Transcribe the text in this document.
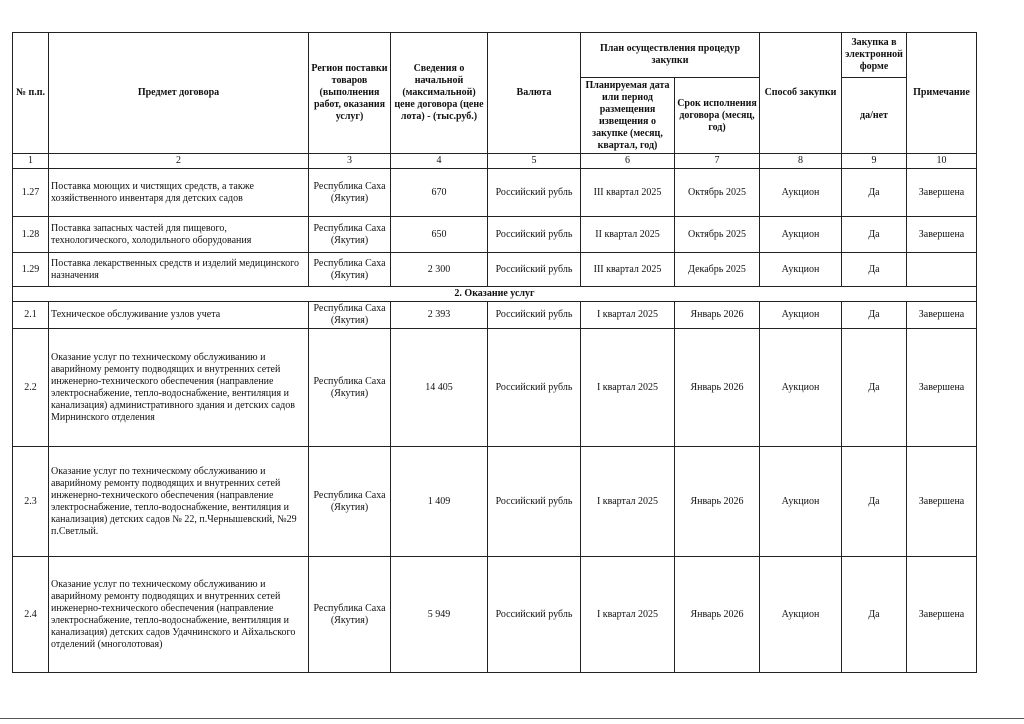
№ п.п.	Предмет договора	Регион поставки товаров (выполнения работ, оказания услуг)	Сведения о начальной (максимальной) цене договора (цене лота) - (тыс.руб.)	Валюта	План осуществления процедур закупки		Способ закупки	Закупка в электронной форме	Примечание
					Планируемая дата или период размещения извещения о закупке (месяц, квартал, год)	Срок исполнения договора (месяц, год)		да/нет	
1	2	3	4	5	6	7	8	9	10
1.27	Поставка моющих и чистящих средств, а также хозяйственного инвентаря для детских садов	Республика Саха (Якутия)	670	Российский рубль	III квартал 2025	Октябрь 2025	Аукцион	Да	Завершена
1.28	Поставка запасных частей для пищевого, технологического, холодильного оборудования	Республика Саха (Якутия)	650	Российский рубль	II квартал 2025	Октябрь 2025	Аукцион	Да	Завершена
1.29	Поставка лекарственных средств и изделий медицинского назначения	Республика Саха (Якутия)	2 300	Российский рубль	III квартал 2025	Декабрь 2025	Аукцион	Да	
2. Оказание услуг									
2.1	Техническое обслуживание узлов учета	Республика Саха (Якутия)	2 393	Российский рубль	I квартал 2025	Январь 2026	Аукцион	Да	Завершена
2.2	Оказание услуг по техническому обслуживанию и аварийному ремонту подводящих и внутренних сетей инженерно-технического обеспечения (направление электроснабжение, тепло-водоснабжение, вентиляция и канализация) административного здания и детских садов Мирнинского отделения	Республика Саха (Якутия)	14 405	Российский рубль	I квартал 2025	Январь 2026	Аукцион	Да	Завершена
2.3	Оказание услуг по техническому обслуживанию и аварийному ремонту подводящих и внутренних сетей инженерно-технического обеспечения (направление электроснабжение, тепло-водоснабжение, вентиляция и канализация) детских садов № 22, п.Чернышевский, №29 п.Светлый.	Республика Саха (Якутия)	1 409	Российский рубль	I квартал 2025	Январь 2026	Аукцион	Да	Завершена
2.4	Оказание услуг по техническому обслуживанию и аварийному ремонту подводящих и внутренних сетей инженерно-технического обеспечения (направление электроснабжение, тепло-водоснабжение, вентиляция и канализация) детских садов Удачнинского и Айхальского отделений (многолотовая)	Республика Саха (Якутия)	5 949	Российский рубль	I квартал 2025	Январь 2026	Аукцион	Да	Завершена
